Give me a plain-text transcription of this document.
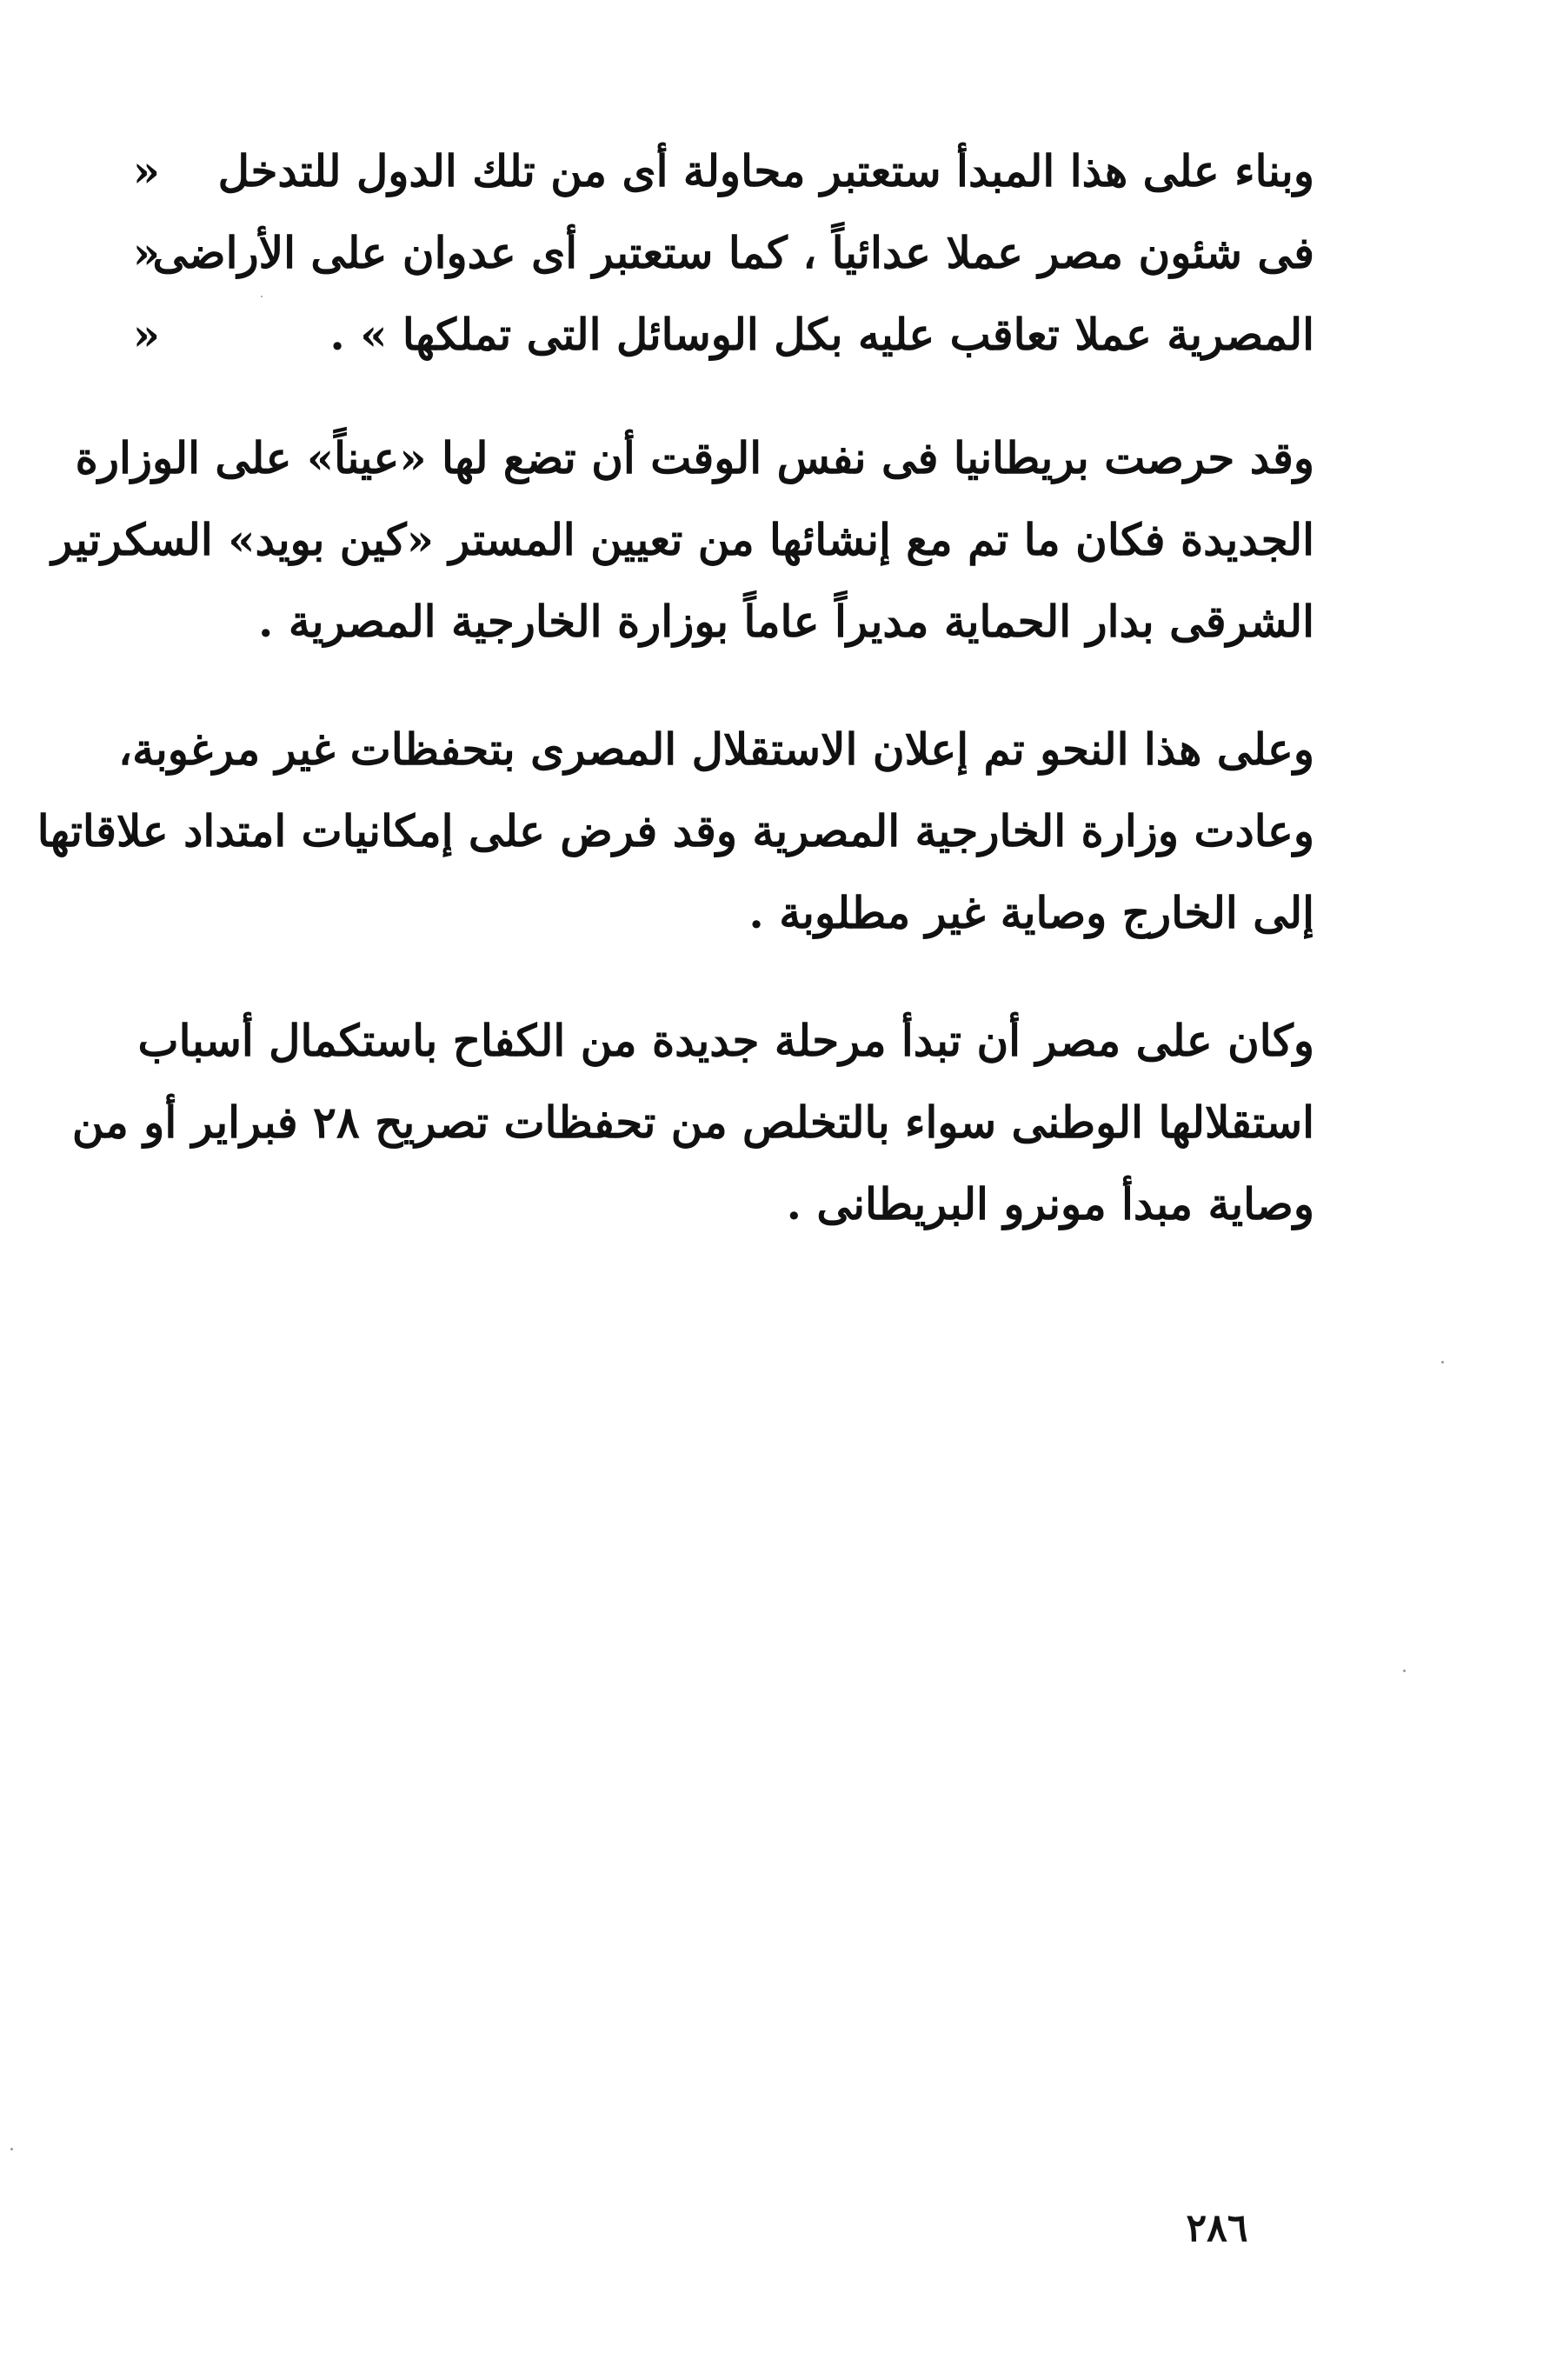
« وبناء على هذا المبدأ ستعتبر محاولة أى من تلك الدول للتدخل
«
فى شئون مصر عملا عدائياً ، كما ستعتبر أى عدوان على الأراضى
«	المصرية عملا تعاقب عليه بكل الوسائل التى تملكها » .
وقد حرصت بريطانيا فى نفس الوقت أن تضع لها «عيناً» على الوزارة
الجديدة فكان ما تم مع إنشائها من تعيين المستر «كين بويد» السكرتير
الشرقى بدار الحماية مديراً عاماً بوزارة الخارجية المصرية .
وعلى هذا النحو تم إعلان الاستقلال المصرى بتحفظات غير مرغوبة،
وعادت وزارة الخارجية المصرية وقد فرض على إمكانيات امتداد علاقاتها
إلى الخارج وصاية غير مطلوبة .
وكان على مصر أن تبدأ مرحلة جديدة من الكفاح باستكمال أسباب
استقلالها الوطنى سواء بالتخلص من تحفظات تصريح ٢٨ فبراير أو من
وصاية مبدأ مونرو البريطانى .
٢٨٦
